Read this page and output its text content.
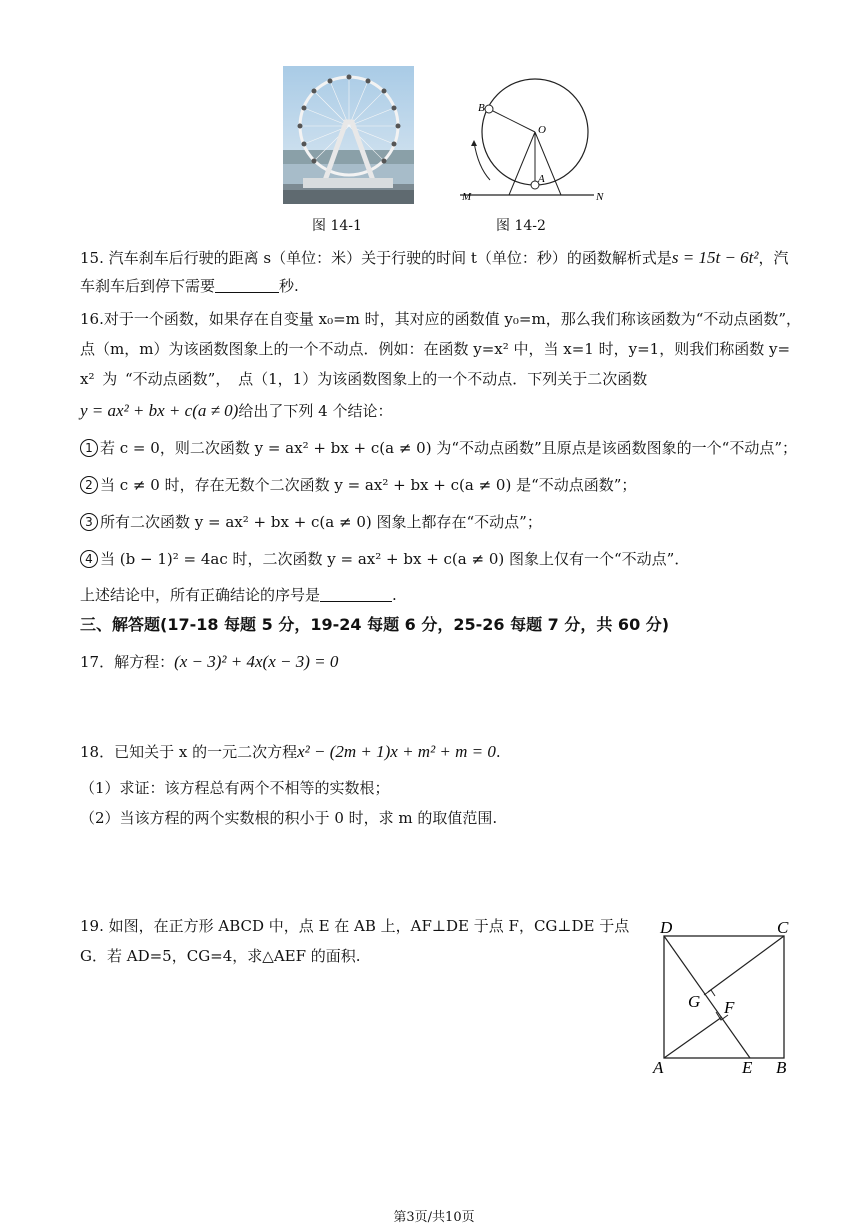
B
O
A
M	N
图 14-1	图 14-2
15. 汽车刹车后行驶的距离 s（单位：米）关于行驶的时间 t（单位：秒）的函数解析式是s = 15t − 6t²，汽
车刹车后到停下需要	秒.
16.对于一个函数，如果存在自变量 x₀=m 时，其对应的函数值 y₀=m，那么我们称该函数为“不动点函数”，
点（m，m）为该函数图象上的一个不动点．例如：在函数 y=x² 中，当 x=1 时，y=1，则我们称函数 y=
x² 为 “不动点函数”， 点（1，1）为该函数图象上的一个不动点．下列关于二次函数
y = ax² + bx + c(a ≠ 0)给出了下列 4 个结论：
1 若 c = 0，则二次函数 y = ax² + bx + c(a ≠ 0) 为“不动点函数”且原点是该函数图象的一个“不动点”；
2 当 c ≠ 0 时，存在无数个二次函数 y = ax² + bx + c(a ≠ 0) 是“不动点函数”；
3 所有二次函数 y = ax² + bx + c(a ≠ 0) 图象上都存在“不动点”；
4 当 (b − 1)² = 4ac 时，二次函数 y = ax² + bx + c(a ≠ 0) 图象上仅有一个“不动点”．
上述结论中，所有正确结论的序号是	.
三、解答题(17-18 每题 5 分，19-24 每题 6 分，25-26 每题 7 分，共 60 分)
17．解方程：(x − 3)² + 4x(x − 3) = 0
18．已知关于 x 的一元二次方程x² − (2m + 1)x + m² + m = 0.
（1）求证：该方程总有两个不相等的实数根；
（2）当该方程的两个实数根的积小于 0 时，求 m 的取值范围.
19. 如图，在正方形 ABCD 中，点 E 在 AB 上，AF⊥DE 于点 F，CG⊥DE 于点
G．若 AD=5，CG=4，求△AEF 的面积.
D	C
G F
A	E B
第3页/共10页
